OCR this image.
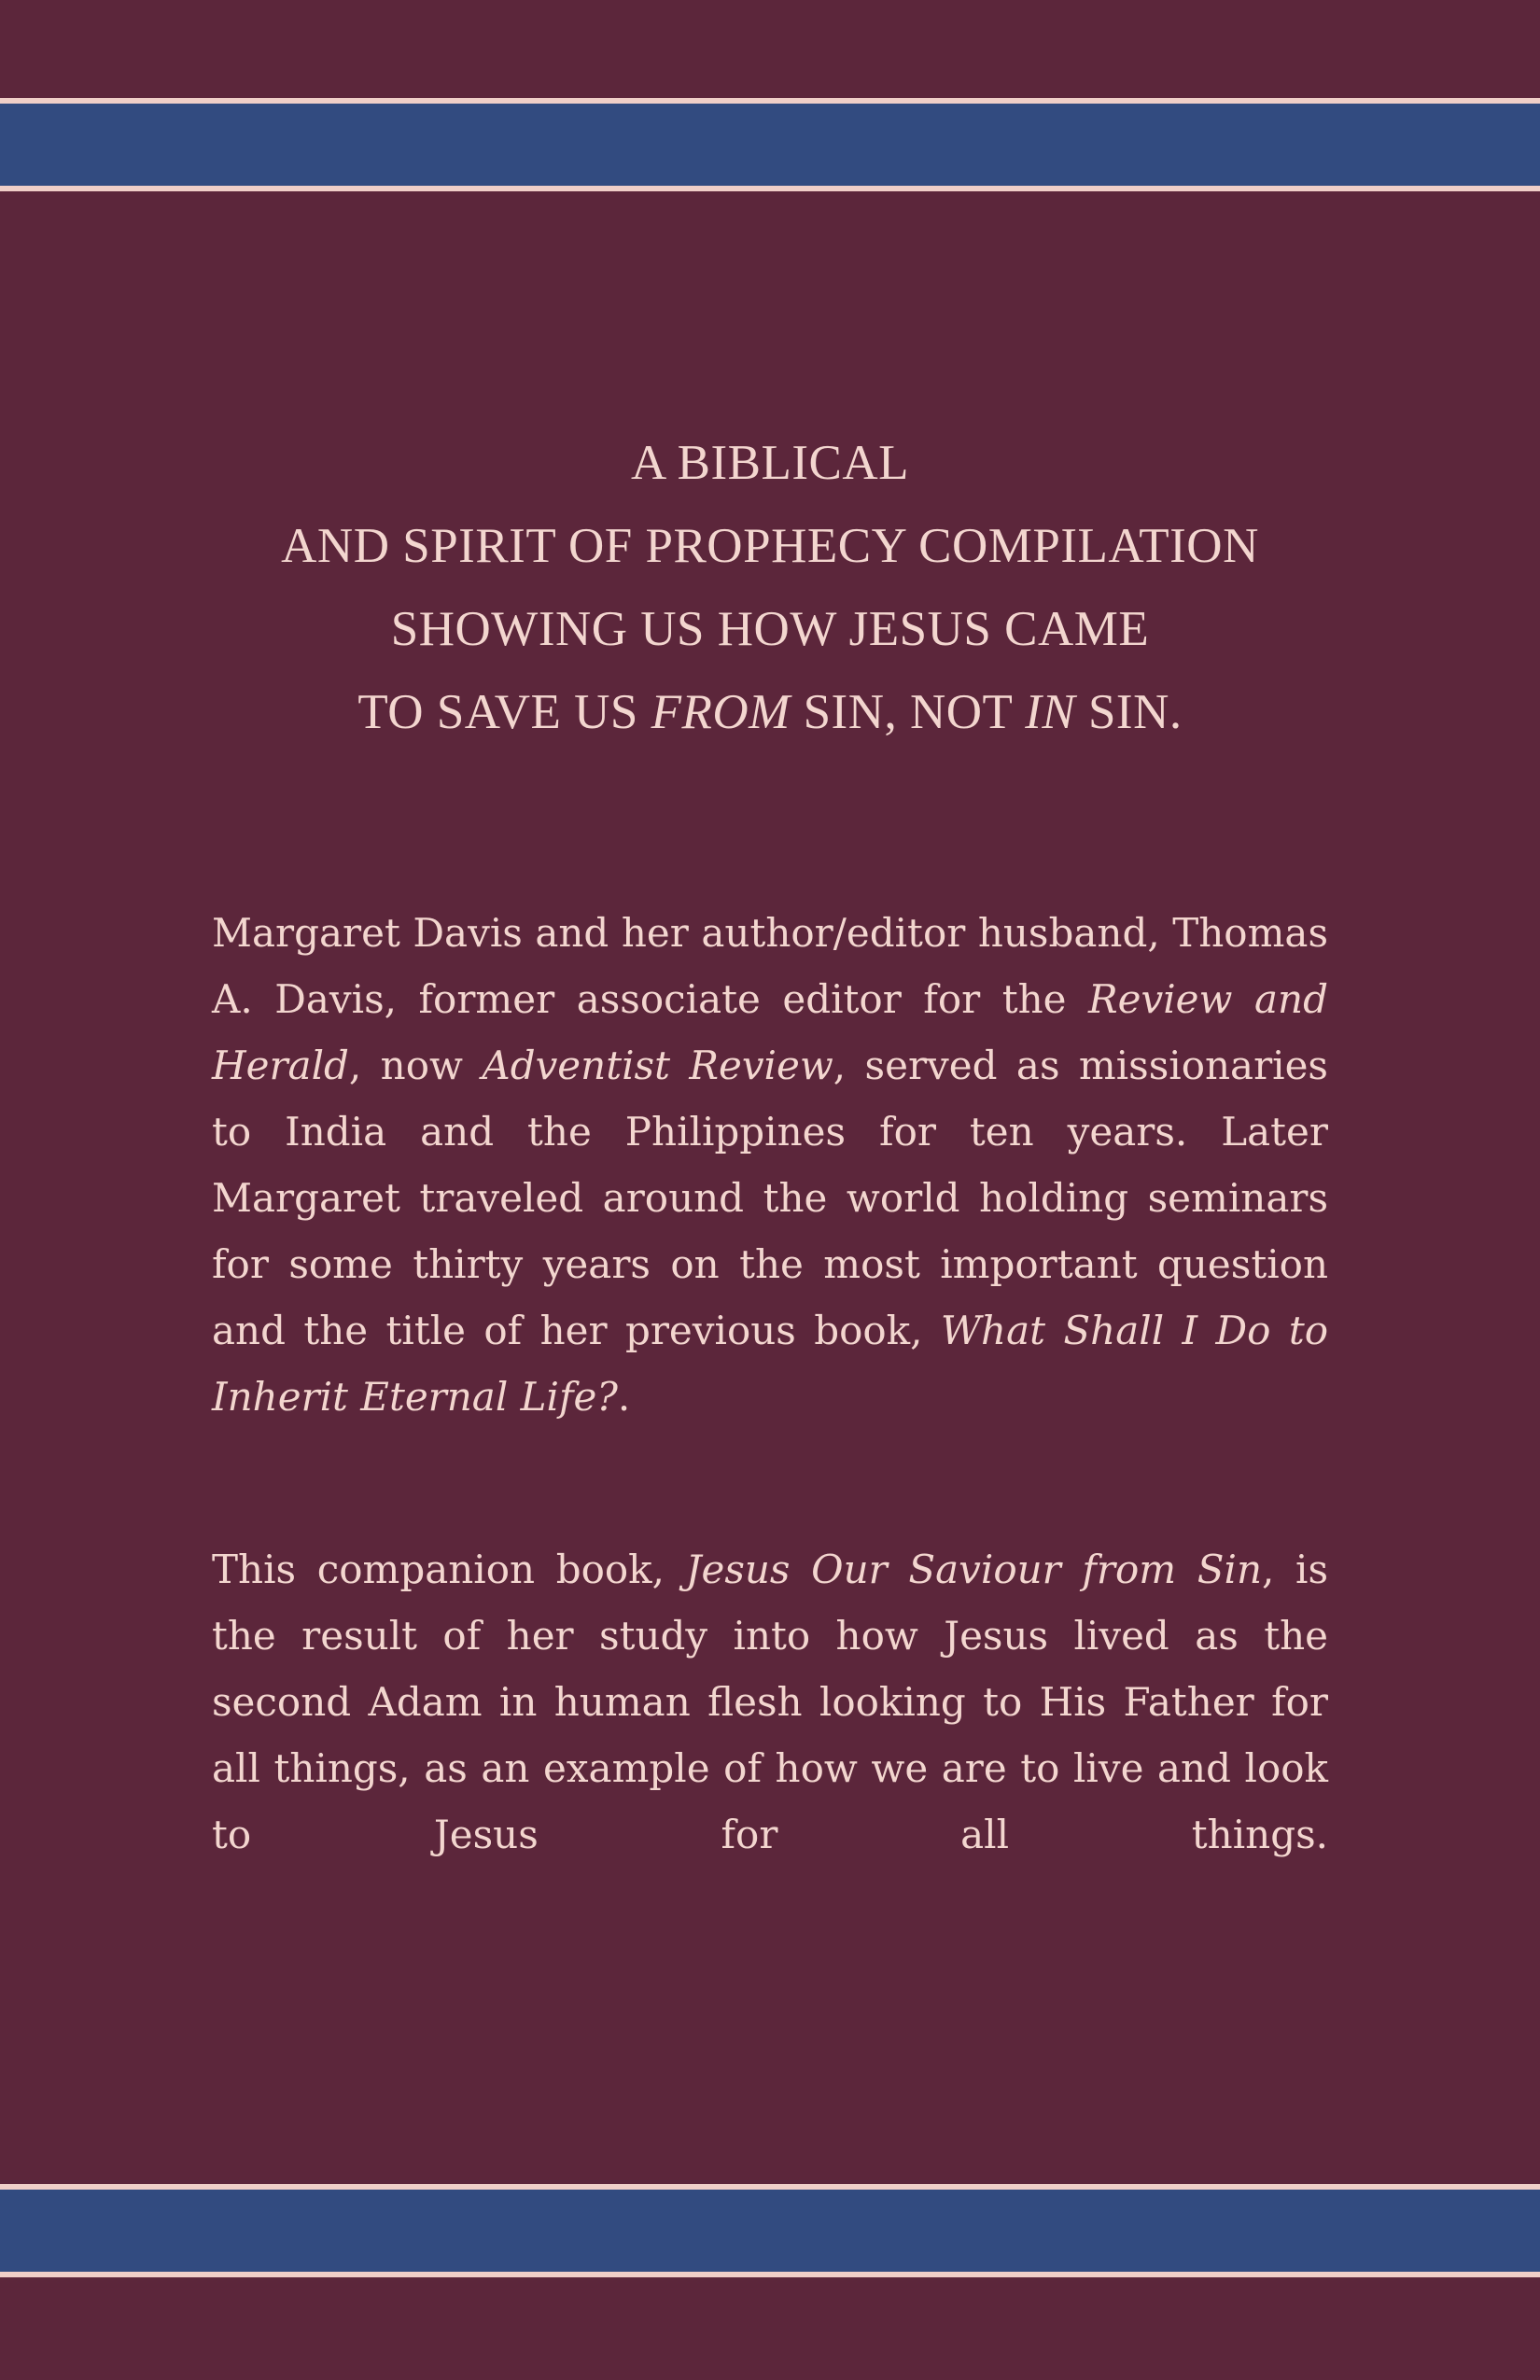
A BIBLICAL
AND SPIRIT OF PROPHECY COMPILATION
SHOWING US HOW JESUS CAME
TO SAVE US FROM SIN, NOT IN SIN.

Margaret Davis and her author/editor husband, Thomas A. Davis, former associate editor for the Review and Herald, now Adventist Review, served as missionaries to India and the Philippines for ten years. Later Margaret traveled around the world holding seminars for some thirty years on the most important question and the title of her previous book, What Shall I Do to Inherit Eternal Life?.

This companion book, Jesus Our Saviour from Sin, is the result of her study into how Jesus lived as the second Adam in human flesh looking to His Father for all things, as an example of how we are to live and look to Jesus for all things.
